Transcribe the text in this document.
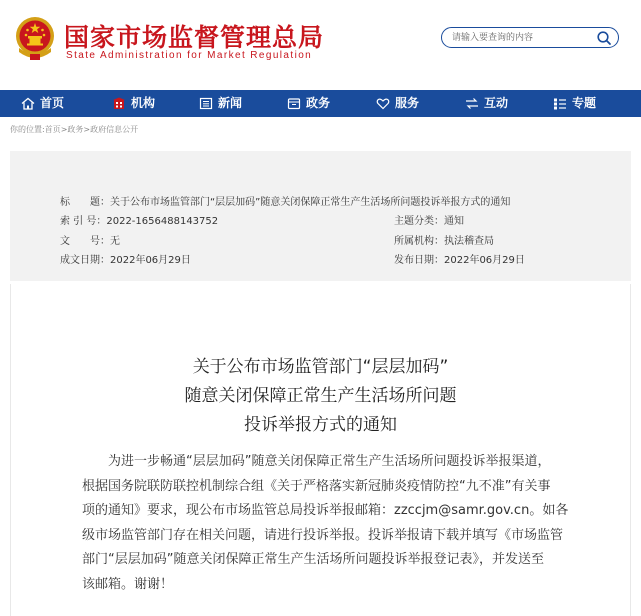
国家市场监督管理总局
State Administration for Market Regulation
请输入要查询的内容
首页	机构	新闻	政务	服务	互动	专题
你的位置:首页>政务>政府信息公开
标　　题：关于公布市场监管部门“层层加码”随意关闭保障正常生产生活场所问题投诉举报方式的通知
索 引 号：2022-1656488143752	主题分类：通知
文　　号：无	所属机构：执法稽查局
成文日期：2022年06月29日	发布日期：2022年06月29日
关于公布市场监管部门“层层加码”
随意关闭保障正常生产生活场所问题
投诉举报方式的通知
　　为进一步畅通“层层加码”随意关闭保障正常生产生活场所问题投诉举报渠道，
根据国务院联防联控机制综合组《关于严格落实新冠肺炎疫情防控“九不准”有关事
项的通知》要求，现公布市场监管总局投诉举报邮箱：zzccjm@samr.gov.cn。如各
级市场监管部门存在相关问题，请进行投诉举报。投诉举报请下载并填写《市场监管
部门“层层加码”随意关闭保障正常生产生活场所问题投诉举报登记表》，并发送至
该邮箱。谢谢！
